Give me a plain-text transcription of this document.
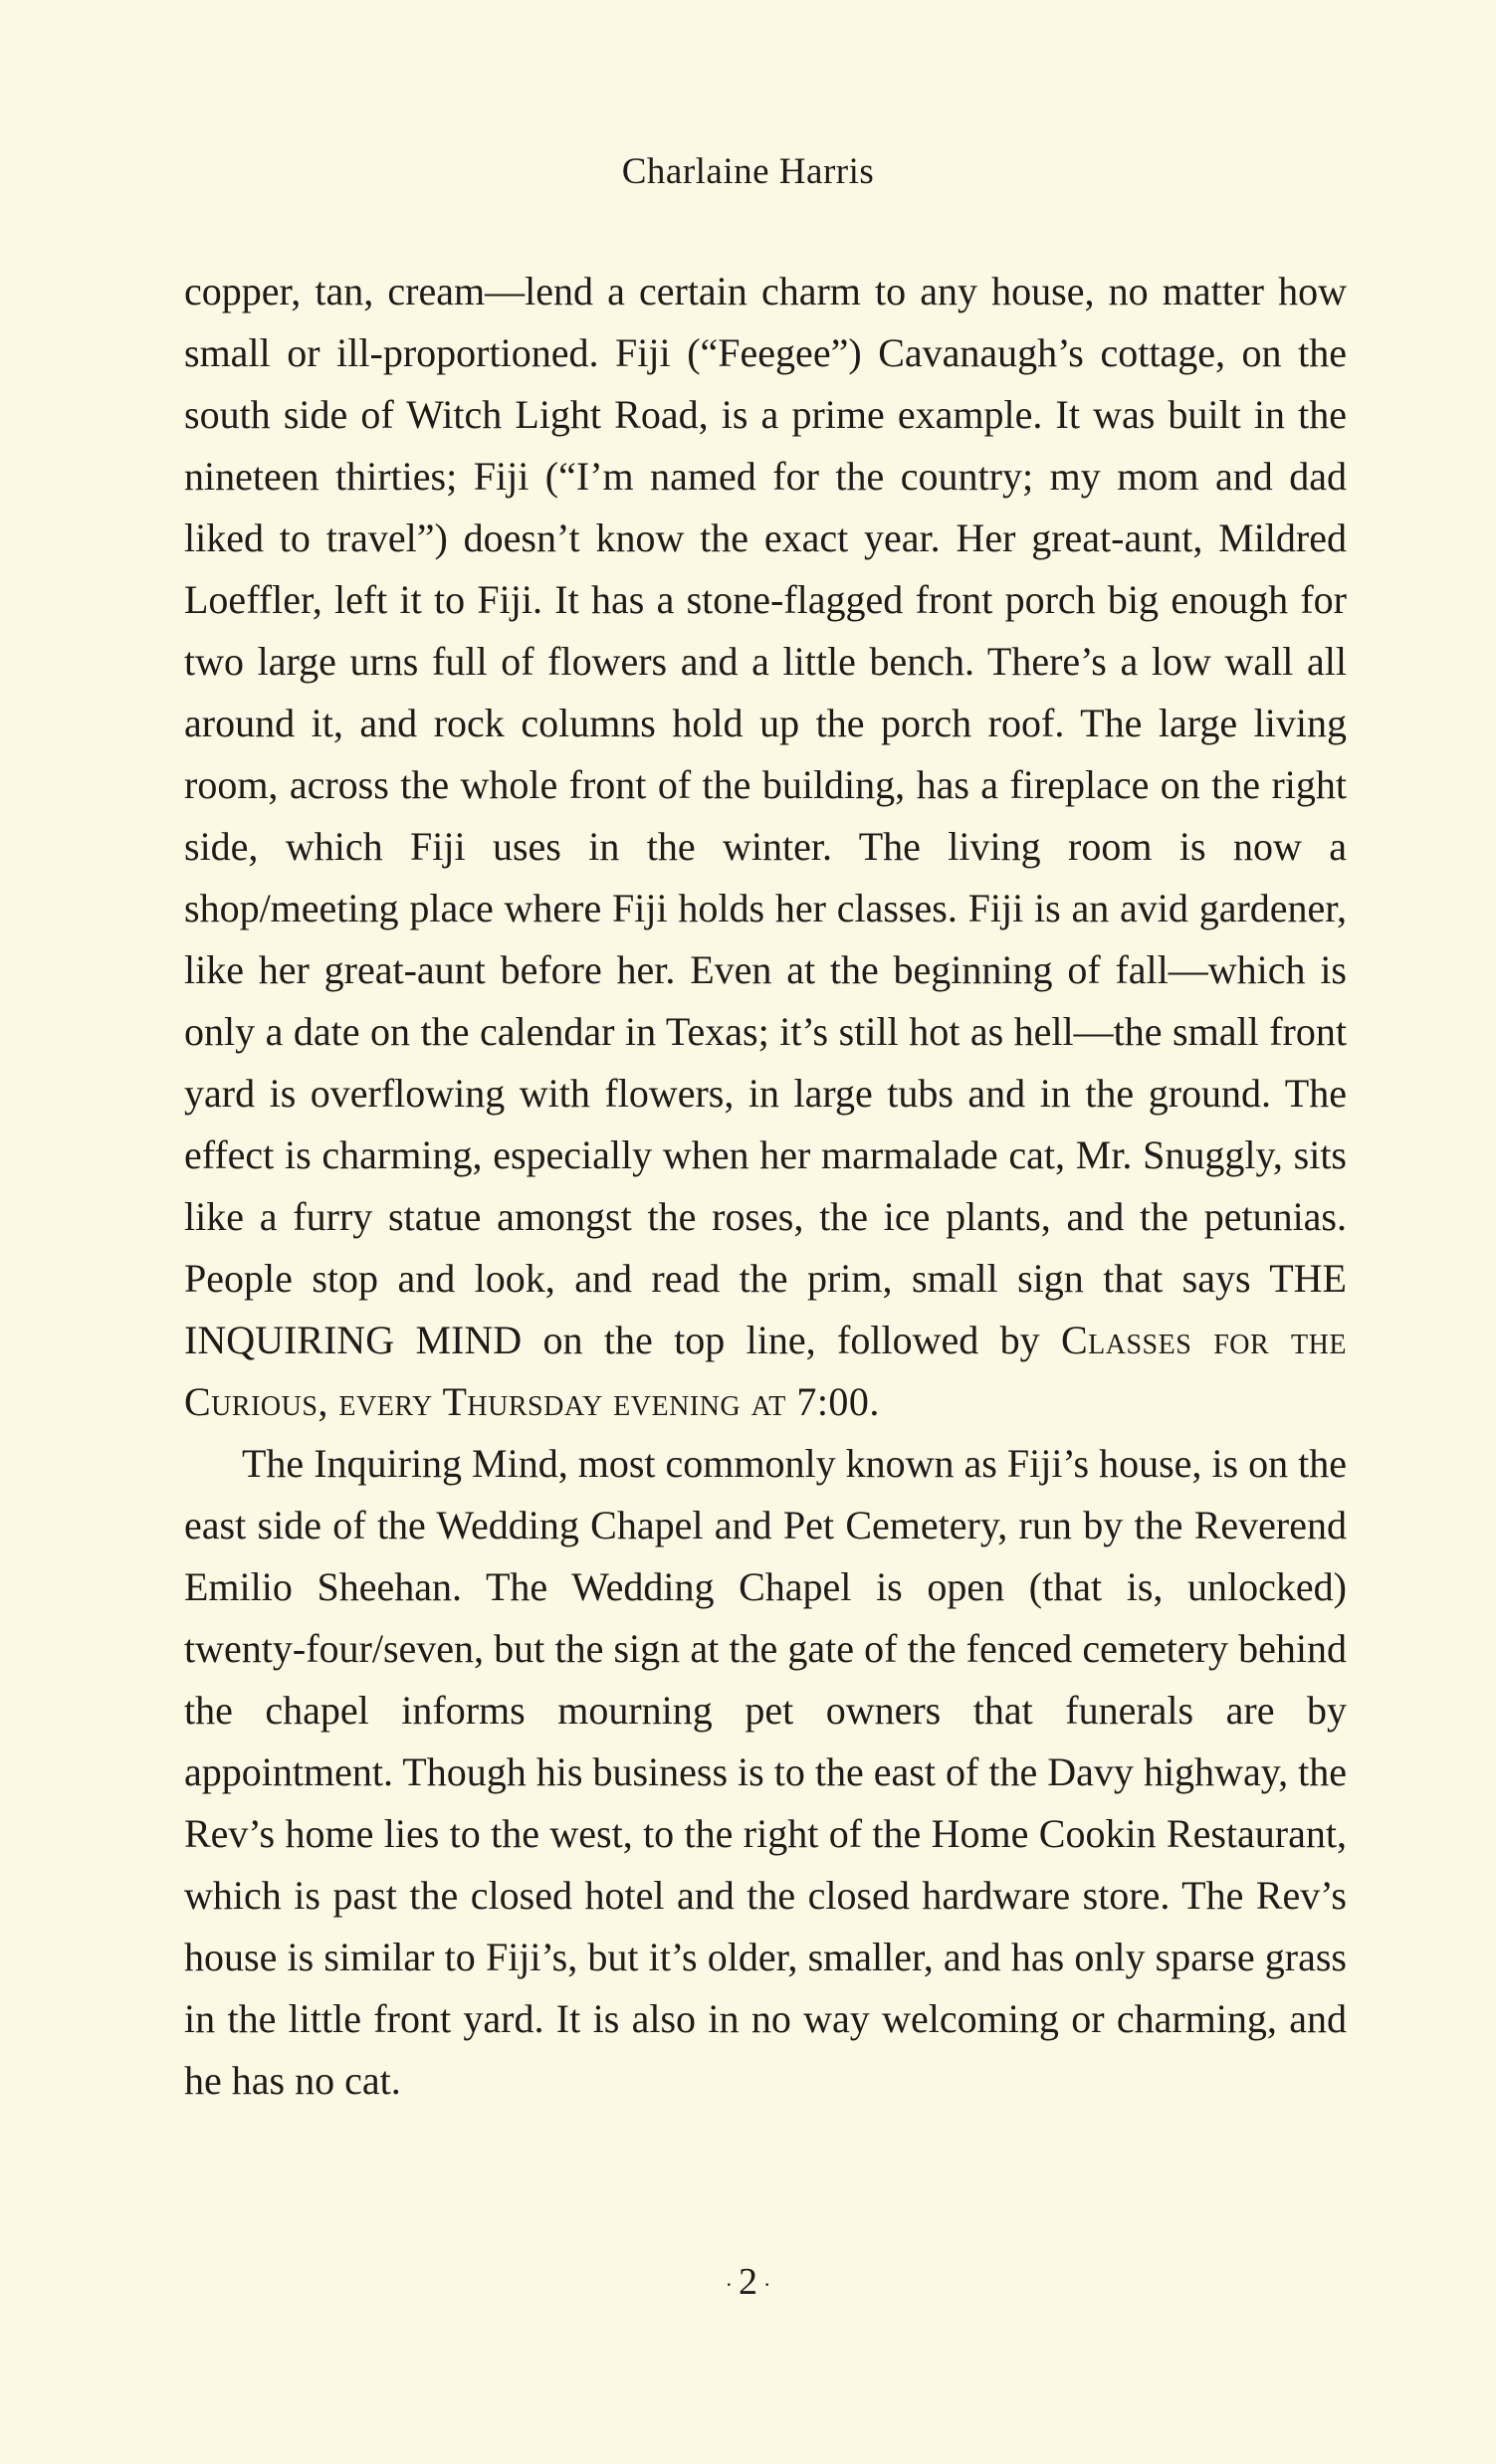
Charlaine Harris

copper, tan, cream—lend a certain charm to any house, no matter how small or ill-proportioned. Fiji (“Feegee”) Cavanaugh’s cottage, on the south side of Witch Light Road, is a prime example. It was built in the nineteen thirties; Fiji (“I’m named for the country; my mom and dad liked to travel”) doesn’t know the exact year. Her great-aunt, Mildred Loeffler, left it to Fiji. It has a stone-flagged front porch big enough for two large urns full of flowers and a little bench. There’s a low wall all around it, and rock columns hold up the porch roof. The large living room, across the whole front of the building, has a fireplace on the right side, which Fiji uses in the winter. The living room is now a shop/meeting place where Fiji holds her classes. Fiji is an avid gardener, like her great-aunt before her. Even at the beginning of fall—which is only a date on the calendar in Texas; it’s still hot as hell—the small front yard is overflowing with flowers, in large tubs and in the ground. The effect is charming, especially when her marmalade cat, Mr. Snuggly, sits like a furry statue amongst the roses, the ice plants, and the petunias. People stop and look, and read the prim, small sign that says THE INQUIRING MIND on the top line, followed by Classes for the Curious, every Thursday evening at 7:00.

The Inquiring Mind, most commonly known as Fiji’s house, is on the east side of the Wedding Chapel and Pet Cemetery, run by the Reverend Emilio Sheehan. The Wedding Chapel is open (that is, unlocked) twenty-four/seven, but the sign at the gate of the fenced cemetery behind the chapel informs mourning pet owners that funerals are by appointment. Though his business is to the east of the Davy highway, the Rev’s home lies to the west, to the right of the Home Cookin Restaurant, which is past the closed hotel and the closed hardware store. The Rev’s house is similar to Fiji’s, but it’s older, smaller, and has only sparse grass in the little front yard. It is also in no way welcoming or charming, and he has no cat.

· 2 ·
